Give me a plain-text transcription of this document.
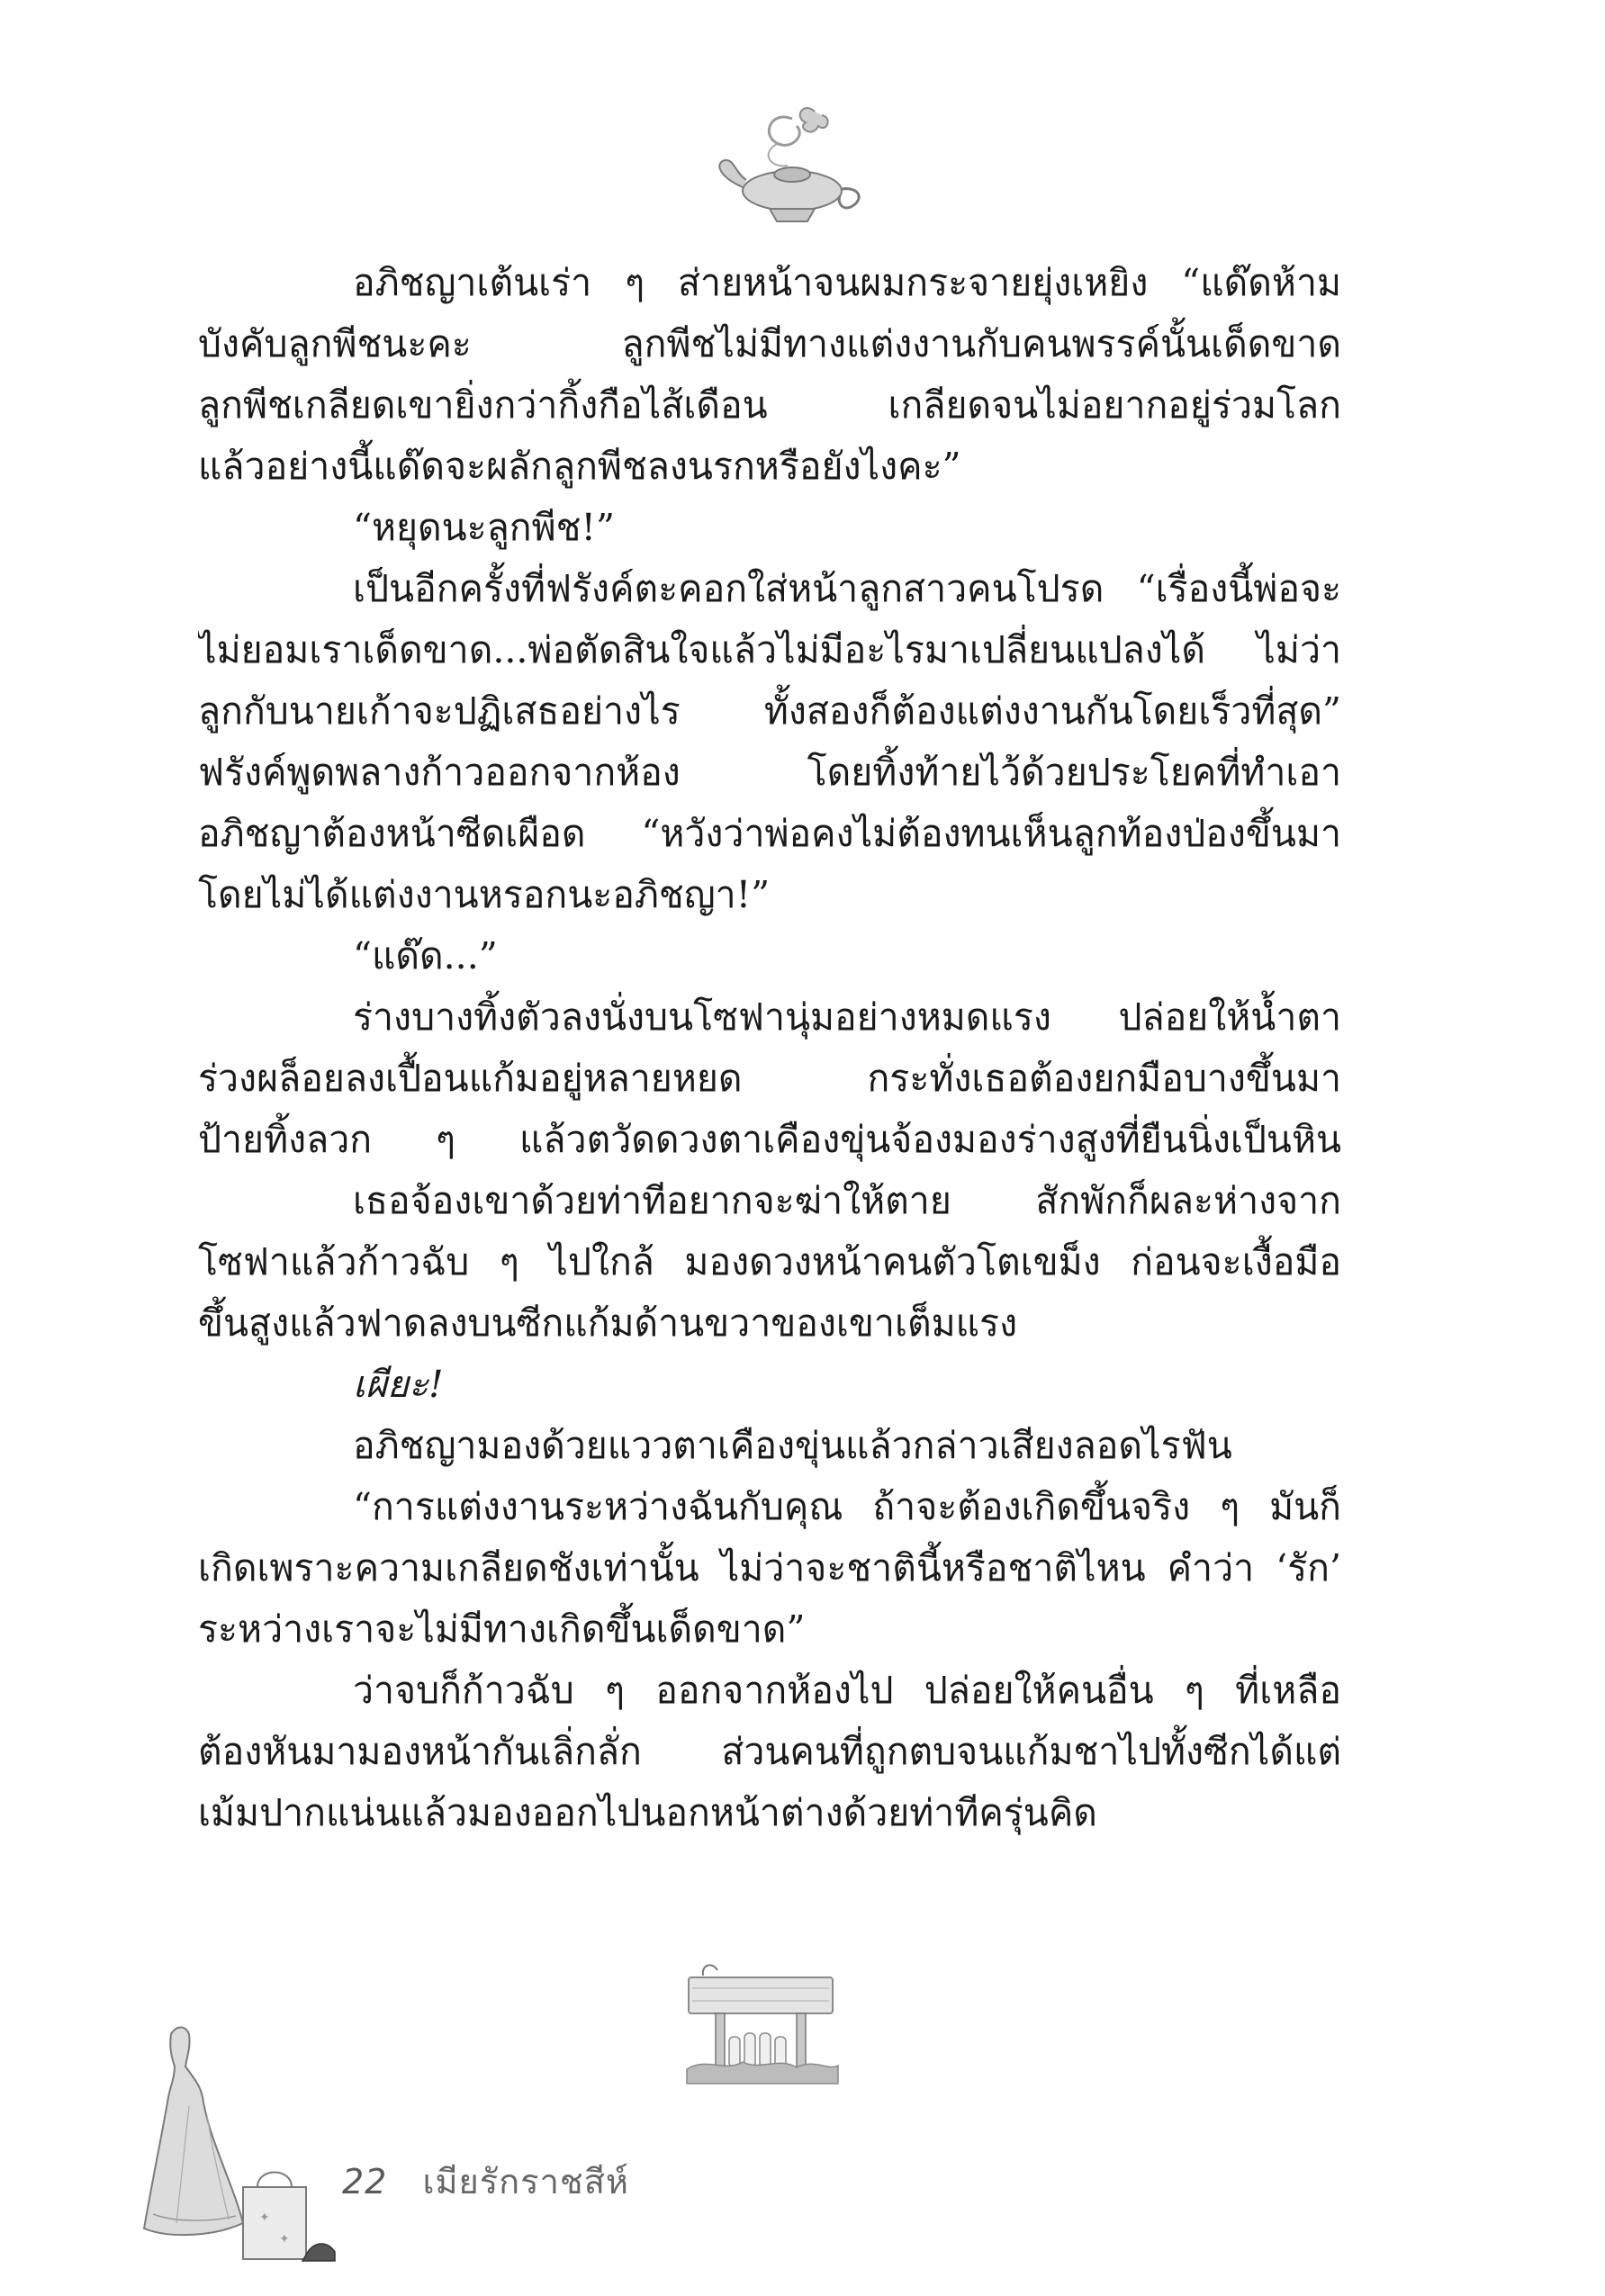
อภิชญาเต้นเร่า ๆ ส่ายหน้าจนผมกระจายยุ่งเหยิง “แด๊ดห้าม
บังคับลูกพีชนะคะ ลูกพีชไม่มีทางแต่งงานกับคนพรรค์นั้นเด็ดขาด
ลูกพีชเกลียดเขายิ่งกว่ากิ้งกือไส้เดือน เกลียดจนไม่อยากอยู่ร่วมโลก
แล้วอย่างนี้แด๊ดจะผลักลูกพีชลงนรกหรือยังไงคะ”
“หยุดนะลูกพีช!”
เป็นอีกครั้งที่ฟรังค์ตะคอกใส่หน้าลูกสาวคนโปรด “เรื่องนี้พ่อจะ
ไม่ยอมเราเด็ดขาด...พ่อตัดสินใจแล้วไม่มีอะไรมาเปลี่ยนแปลงได้ ไม่ว่า
ลูกกับนายเก้าจะปฏิเสธอย่างไร ทั้งสองก็ต้องแต่งงานกันโดยเร็วที่สุด”
ฟรังค์พูดพลางก้าวออกจากห้อง โดยทิ้งท้ายไว้ด้วยประโยคที่ทำเอา
อภิชญาต้องหน้าซีดเผือด “หวังว่าพ่อคงไม่ต้องทนเห็นลูกท้องป่องขึ้นมา
โดยไม่ได้แต่งงานหรอกนะอภิชญา!”
“แด๊ด...”
ร่างบางทิ้งตัวลงนั่งบนโซฟานุ่มอย่างหมดแรง ปล่อยให้น้ำตา
ร่วงผล็อยลงเปื้อนแก้มอยู่หลายหยด กระทั่งเธอต้องยกมือบางขึ้นมา
ป้ายทิ้งลวก ๆ แล้วตวัดดวงตาเคืองขุ่นจ้องมองร่างสูงที่ยืนนิ่งเป็นหิน
เธอจ้องเขาด้วยท่าทีอยากจะฆ่าให้ตาย สักพักก็ผละห่างจาก
โซฟาแล้วก้าวฉับ ๆ ไปใกล้ มองดวงหน้าคนตัวโตเขม็ง ก่อนจะเงื้อมือ
ขึ้นสูงแล้วฟาดลงบนซีกแก้มด้านขวาของเขาเต็มแรง
เผียะ!
อภิชญามองด้วยแววตาเคืองขุ่นแล้วกล่าวเสียงลอดไรฟัน
“การแต่งงานระหว่างฉันกับคุณ ถ้าจะต้องเกิดขึ้นจริง ๆ มันก็
เกิดเพราะความเกลียดชังเท่านั้น ไม่ว่าจะชาตินี้หรือชาติไหน คำว่า ‘รัก’
ระหว่างเราจะไม่มีทางเกิดขึ้นเด็ดขาด”
ว่าจบก็ก้าวฉับ ๆ ออกจากห้องไป ปล่อยให้คนอื่น ๆ ที่เหลือ
ต้องหันมามองหน้ากันเลิ่กลั่ก ส่วนคนที่ถูกตบจนแก้มชาไปทั้งซีกได้แต่
เม้มปากแน่นแล้วมองออกไปนอกหน้าต่างด้วยท่าทีครุ่นคิด
✦
✦
22 เมียรักราชสีห์
